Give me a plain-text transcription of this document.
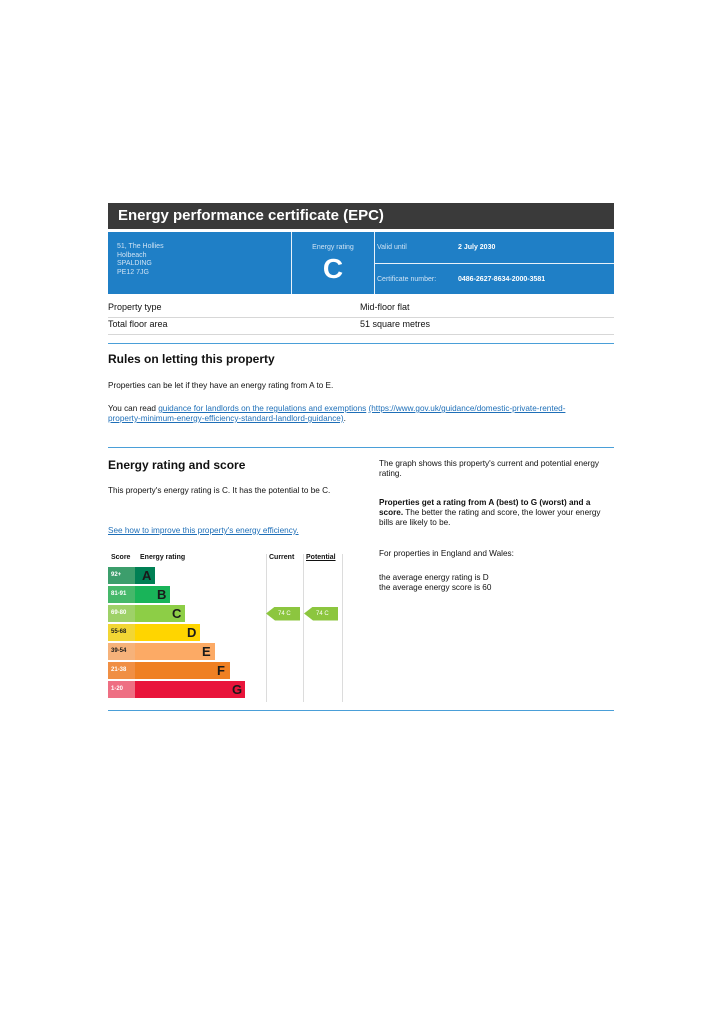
Energy performance certificate (EPC)
51, The Hollies
Holbeach
SPALDING
PE12 7JG
Energy rating
C
Valid until	2 July 2030
Certificate number:	0486-2627-8634-2000-3581
Property type	Mid-floor flat
Total floor area	51 square metres
Rules on letting this property
Properties can be let if they have an energy rating from A to E.
You can read guidance for landlords on the regulations and exemptions (https://www.gov.uk/guidance/domestic-private-rented-
property-minimum-energy-efficiency-standard-landlord-guidance).
Energy rating and score
This property's energy rating is C. It has the potential to be C.
See how to improve this property's energy efficiency.
The graph shows this property's current and potential energy rating.
Properties get a rating from A (best) to G (worst) and a score. The better the rating and score, the lower your energy bills are likely to be.
For properties in England and Wales:
the average energy rating is D
the average energy score is 60
Score Energy rating	Current Potential
92+	A
81-91	B
69-80	C
55-68	D
39-54	E
21-38	F
1-20	G
74 C	74 C
